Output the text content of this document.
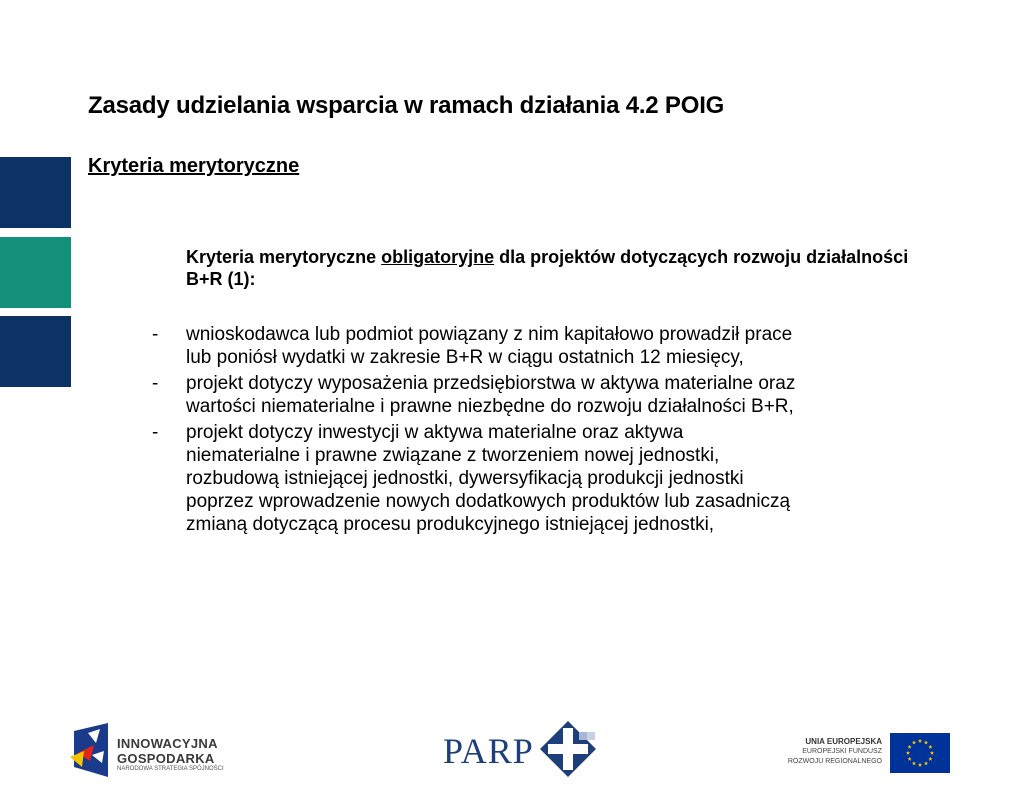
Zasady udzielania wsparcia w ramach działania 4.2 POIG
Kryteria merytoryczne

Kryteria merytoryczne obligatoryjne dla projektów dotyczących rozwoju działalności B+R (1):

-	wnioskodawca lub podmiot powiązany z nim kapitałowo prowadził prace
lub poniósł wydatki w zakresie B+R w ciągu ostatnich 12 miesięcy,
-	projekt dotyczy wyposażenia przedsiębiorstwa w aktywa materialne oraz
wartości niematerialne i prawne niezbędne do rozwoju działalności B+R,
-	projekt dotyczy inwestycji w aktywa materialne oraz aktywa
niematerialne i prawne związane z tworzeniem nowej jednostki,
rozbudową istniejącej jednostki, dywersyfikacją produkcji jednostki
poprzez wprowadzenie nowych dodatkowych produktów lub zasadniczą
zmianą dotyczącą procesu produkcyjnego istniejącej jednostki,
INNOWACYJNA
GOSPODARKA
NARODOWA STRATEGIA SPÓJNOŚCI	PARP	UNIA EUROPEJSKA
EUROPEJSKI FUNDUSZ
ROZWOJU REGIONALNEGO
